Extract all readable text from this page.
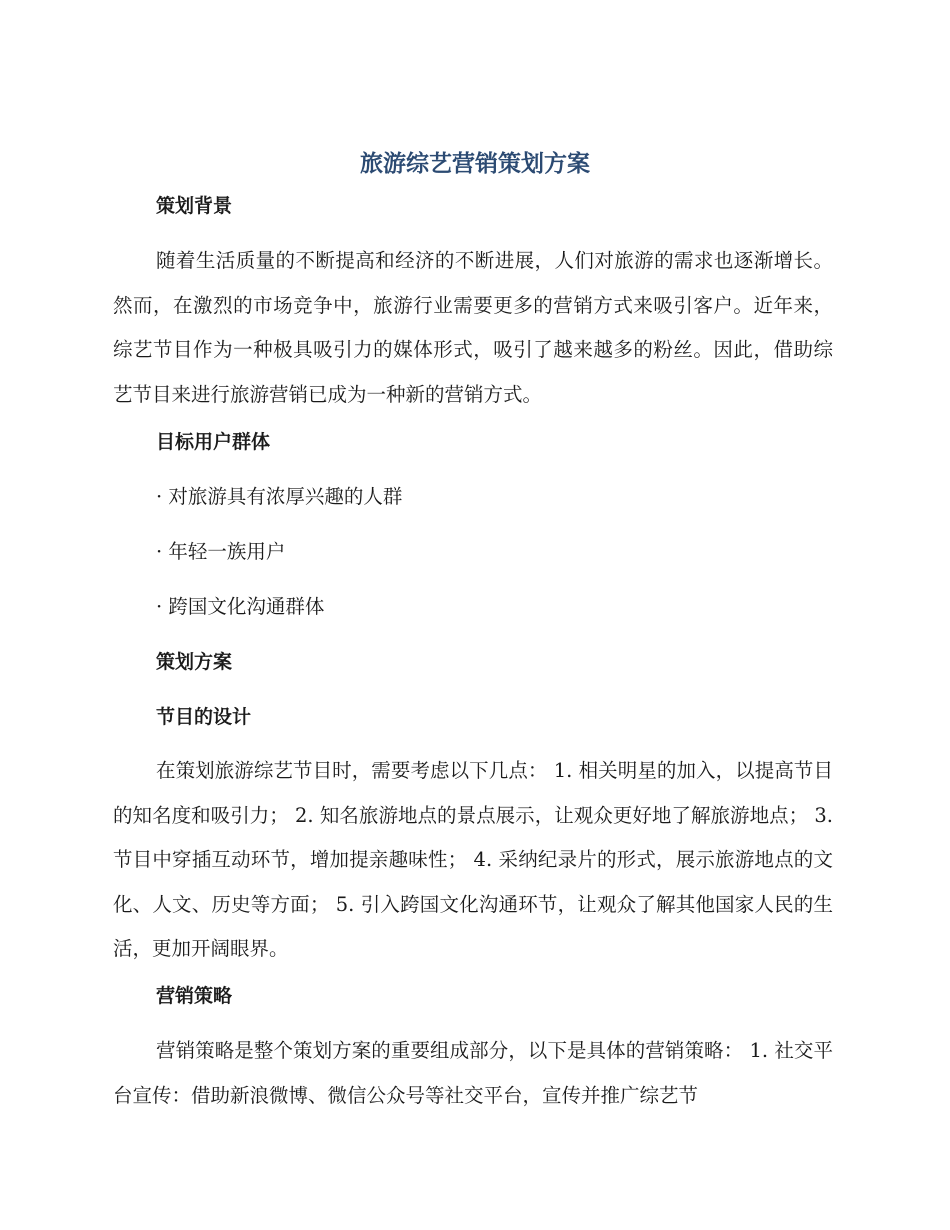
旅游综艺营销策划方案
策划背景
随着生活质量的不断提高和经济的不断进展，人们对旅游的需求也逐渐增长。然而，在激烈的市场竞争中，旅游行业需要更多的营销方式来吸引客户。近年来，综艺节目作为一种极具吸引力的媒体形式，吸引了越来越多的粉丝。因此，借助综艺节目来进行旅游营销已成为一种新的营销方式。
目标用户群体
· 对旅游具有浓厚兴趣的人群
· 年轻一族用户
· 跨国文化沟通群体
策划方案
节目的设计
在策划旅游综艺节目时，需要考虑以下几点： 1. 相关明星的加入，以提高节目的知名度和吸引力； 2. 知名旅游地点的景点展示，让观众更好地了解旅游地点； 3. 节目中穿插互动环节，增加提亲趣味性； 4. 采纳纪录片的形式，展示旅游地点的文化、人文、历史等方面； 5. 引入跨国文化沟通环节，让观众了解其他国家人民的生活，更加开阔眼界。
营销策略
营销策略是整个策划方案的重要组成部分，以下是具体的营销策略： 1. 社交平台宣传：借助新浪微博、微信公众号等社交平台，宣传并推广综艺节
